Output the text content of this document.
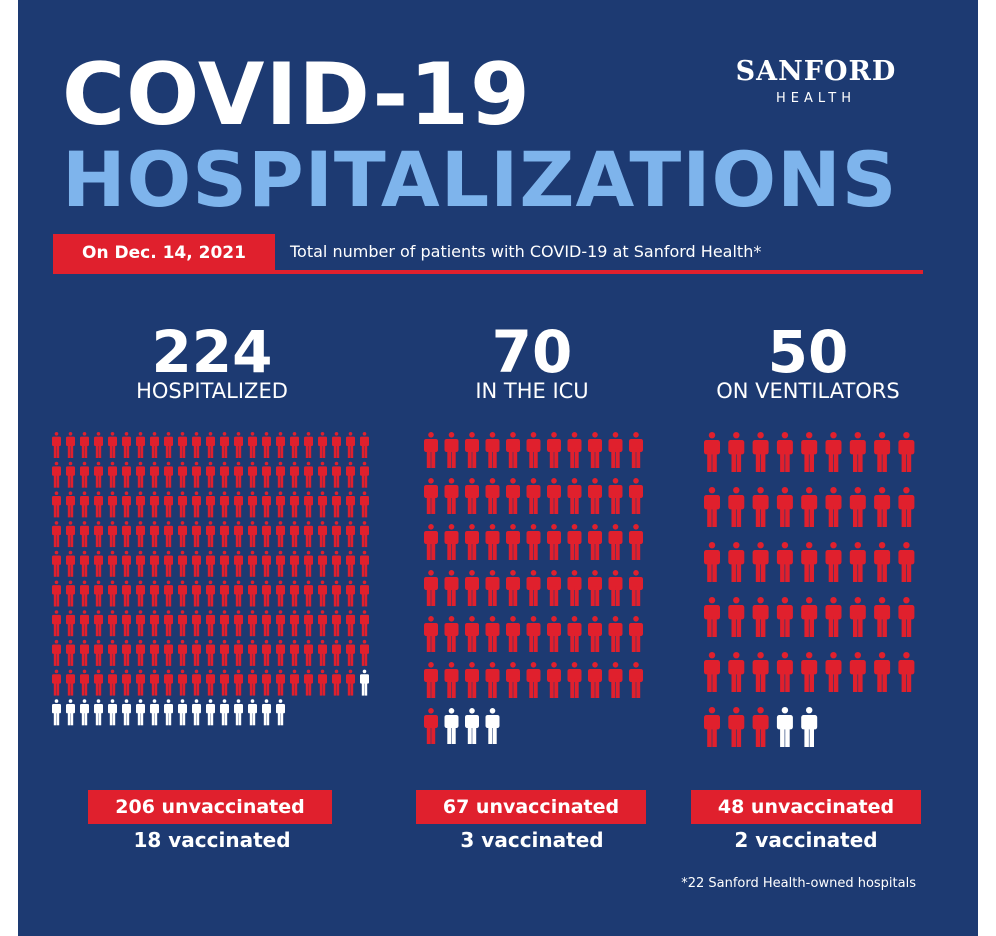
COVID-19
HOSPITALIZATIONS
SANFORD
HEALTH
On Dec. 14, 2021	Total number of patients with COVID-19 at Sanford Health*
224
HOSPITALIZED
206 unvaccinated
18 vaccinated
70
IN THE ICU
67 unvaccinated
3 vaccinated
50
ON VENTILATORS
48 unvaccinated
2 vaccinated
*22 Sanford Health-owned hospitals
